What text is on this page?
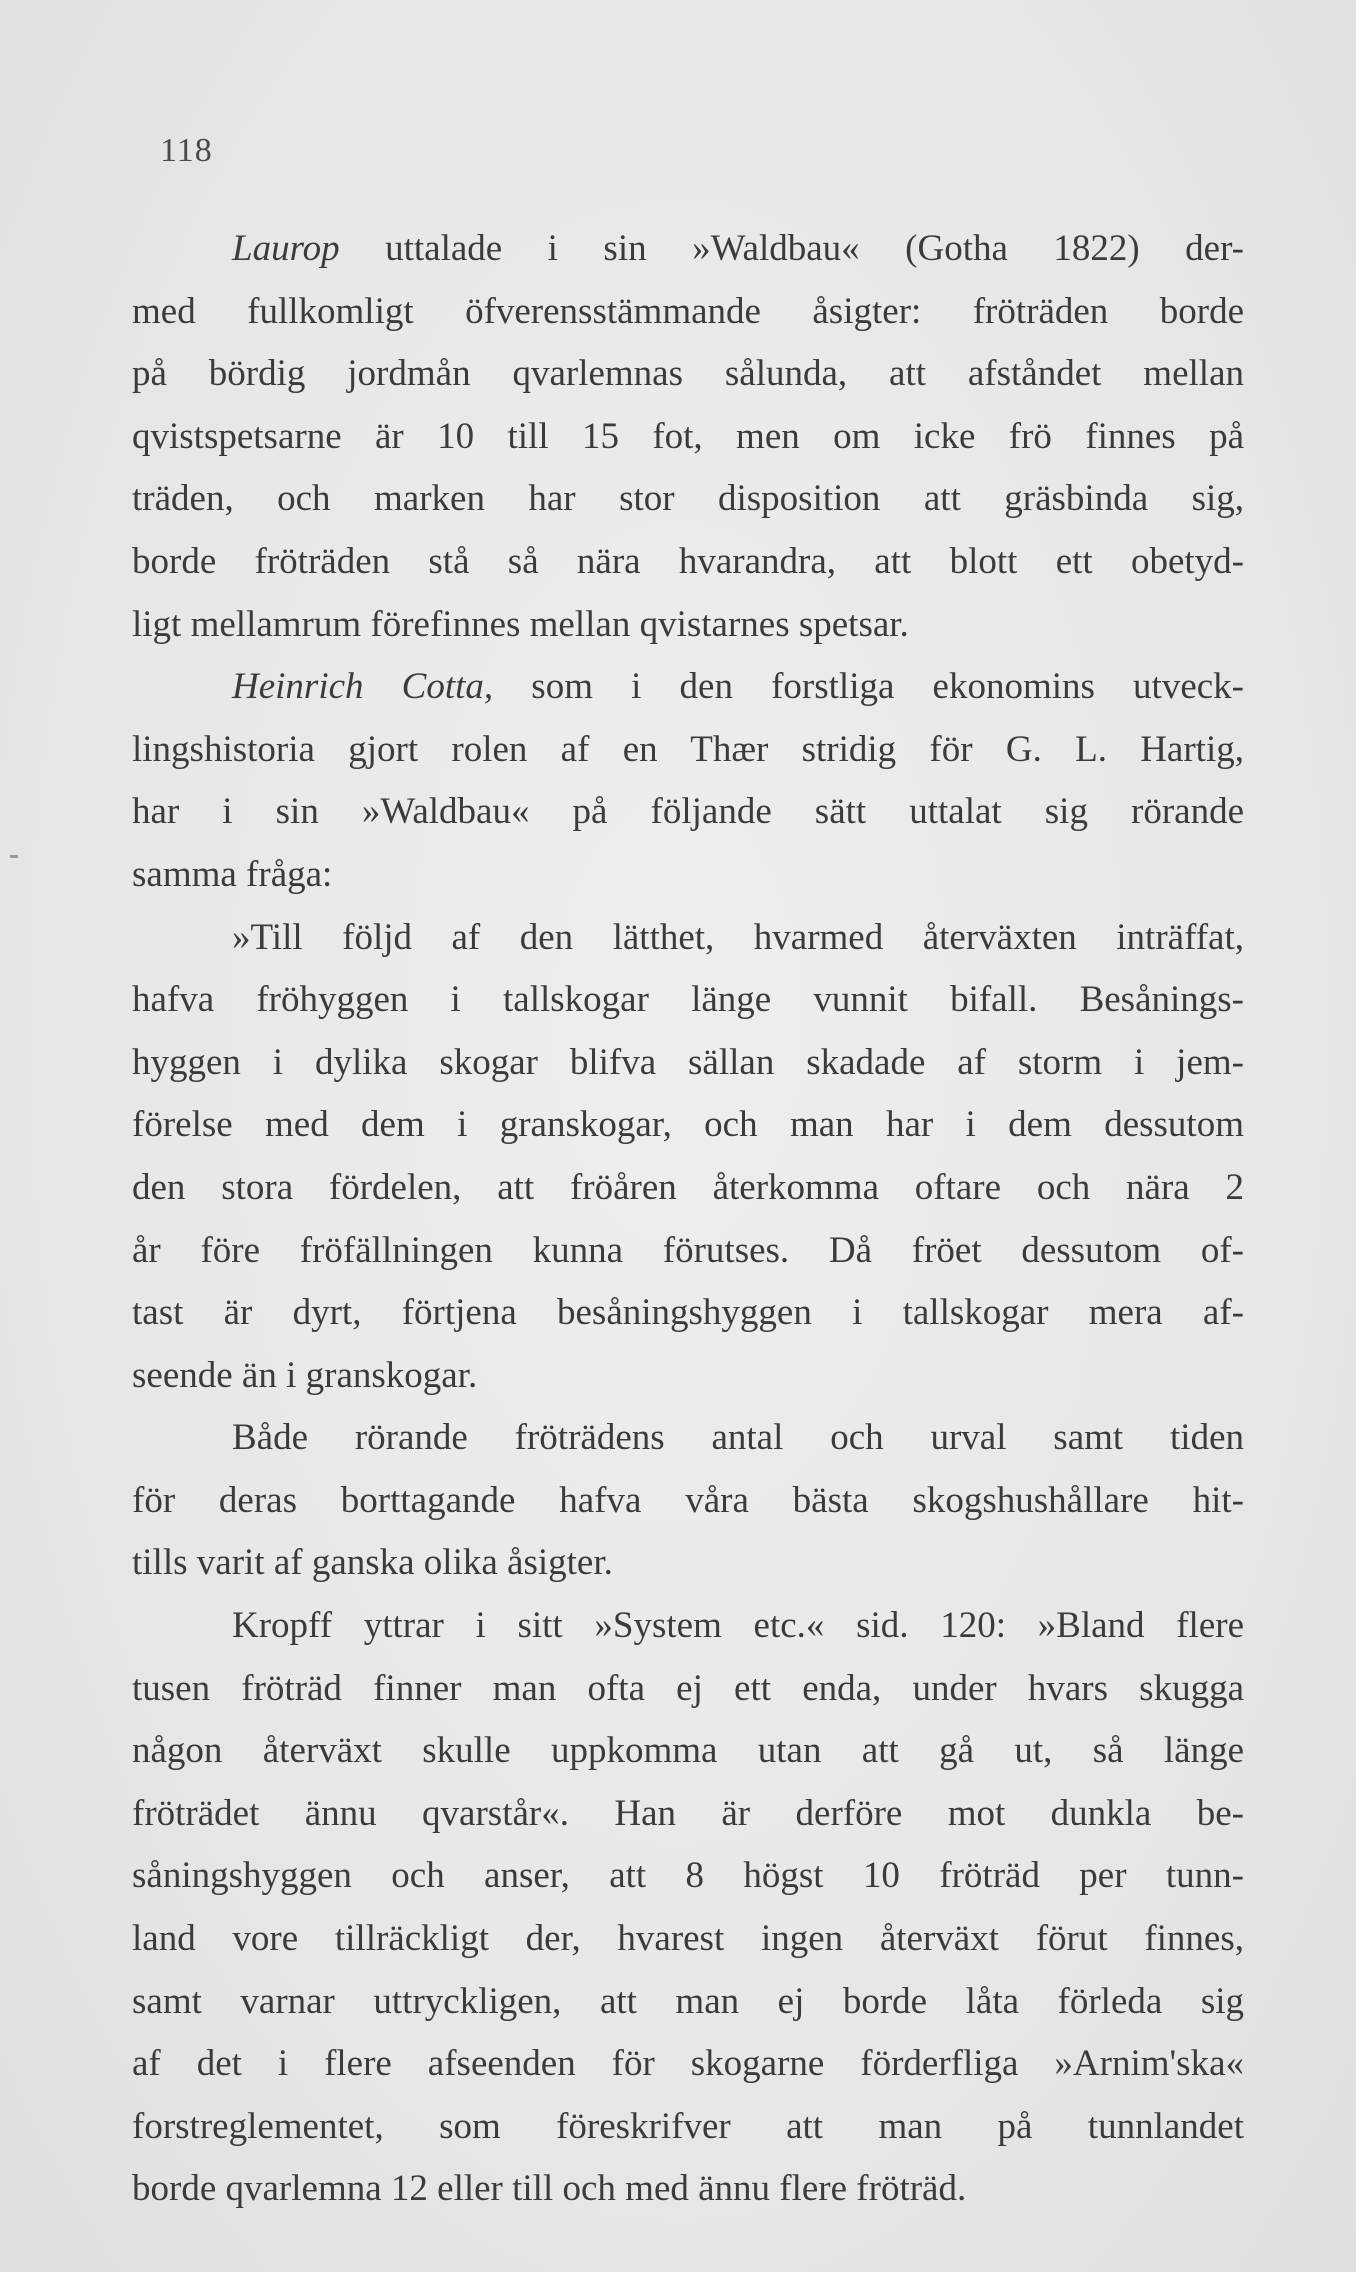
118
Laurop uttalade i sin »Waldbau« (Gotha 1822) der-
med fullkomligt öfverensstämmande åsigter: fröträden borde
på bördig jordmån qvarlemnas sålunda, att afståndet mellan
qvistspetsarne är 10 till 15 fot, men om icke frö finnes på
träden, och marken har stor disposition att gräsbinda sig,
borde fröträden stå så nära hvarandra, att blott ett obetyd-
ligt mellamrum förefinnes mellan qvistarnes spetsar.
Heinrich Cotta, som i den forstliga ekonomins utveck-
lingshistoria gjort rolen af en Thær stridig för G. L. Hartig,
har i sin »Waldbau« på följande sätt uttalat sig rörande
samma fråga:
»Till följd af den lätthet, hvarmed återväxten inträffat,
hafva fröhyggen i tallskogar länge vunnit bifall. Besånings-
hyggen i dylika skogar blifva sällan skadade af storm i jem-
förelse med dem i granskogar, och man har i dem dessutom
den stora fördelen, att fröåren återkomma oftare och nära 2
år före fröfällningen kunna förutses. Då fröet dessutom of-
tast är dyrt, förtjena besåningshyggen i tallskogar mera af-
seende än i granskogar.
Både rörande fröträdens antal och urval samt tiden
för deras borttagande hafva våra bästa skogshushållare hit-
tills varit af ganska olika åsigter.
Kropff yttrar i sitt »System etc.« sid. 120: »Bland flere
tusen fröträd finner man ofta ej ett enda, under hvars skugga
någon återväxt skulle uppkomma utan att gå ut, så länge
fröträdet ännu qvarstår«. Han är derföre mot dunkla be-
såningshyggen och anser, att 8 högst 10 fröträd per tunn-
land vore tillräckligt der, hvarest ingen återväxt förut finnes,
samt varnar uttryckligen, att man ej borde låta förleda sig
af det i flere afseenden för skogarne förderfliga »Arnim'ska«
forstreglementet, som föreskrifver att man på tunnlandet
borde qvarlemna 12 eller till och med ännu flere fröträd.
